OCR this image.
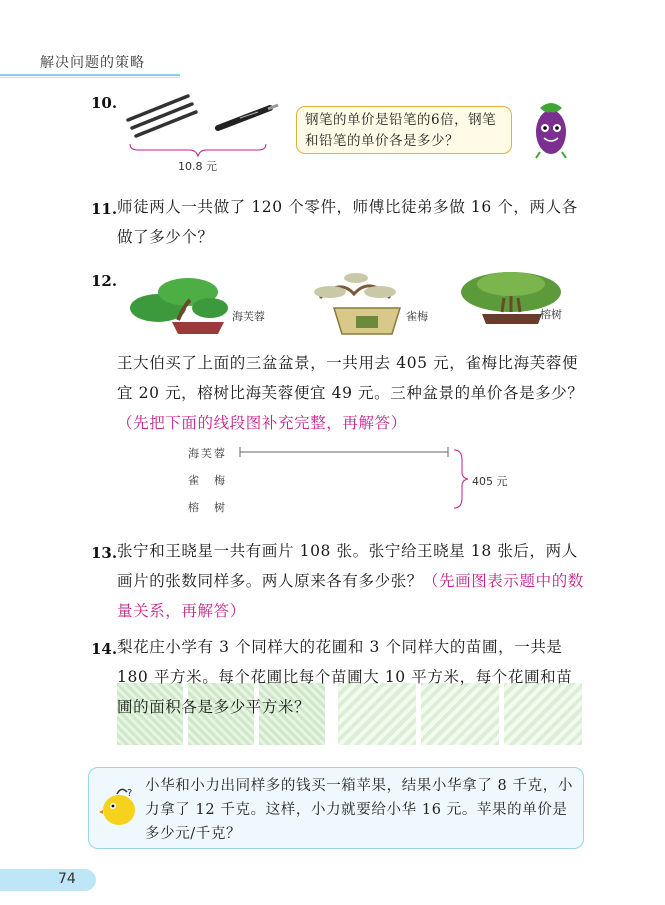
解决问题的策略
10.
10.8 元
钢笔的单价是铅笔的6倍，钢笔和铅笔的单价各是多少？
11. 师徒两人一共做了 120 个零件，师傅比徒弟多做 16 个，两人各做了多少个？
12.
海芙蓉	雀梅	榕树
王大伯买了上面的三盆盆景，一共用去 405 元，雀梅比海芙蓉便宜 20 元，榕树比海芙蓉便宜 49 元。三种盆景的单价各是多少？（先把下面的线段图补充完整，再解答）
海芙蓉
雀　梅
榕　树
405 元
13. 张宁和王晓星一共有画片 108 张。张宁给王晓星 18 张后，两人画片的张数同样多。两人原来各有多少张？（先画图表示题中的数量关系，再解答）
14. 梨花庄小学有 3 个同样大的花圃和 3 个同样大的苗圃，一共是 180 平方米。每个花圃比每个苗圃大 10 平方米，每个花圃和苗圃的面积各是多少平方米？
? 小华和小力出同样多的钱买一箱苹果，结果小华拿了 8 千克，小力拿了 12 千克。这样，小力就要给小华 16 元。苹果的单价是多少元/千克？
74
